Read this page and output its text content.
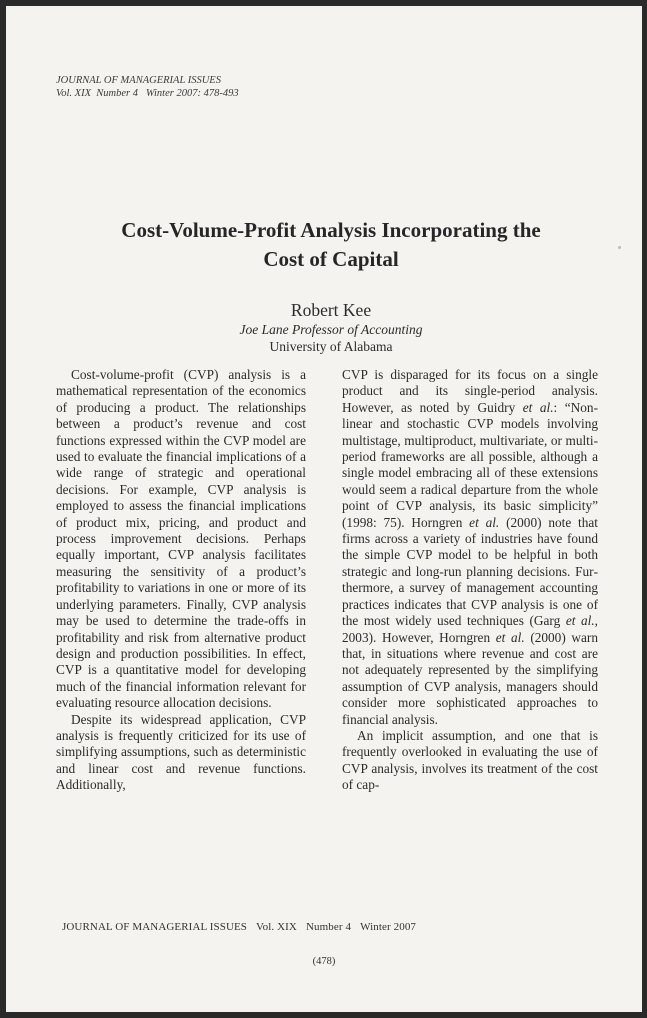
JOURNAL OF MANAGERIAL ISSUES
Vol. XIX Number 4 Winter 2007: 478-493
Cost-Volume-Profit Analysis Incorporating the
Cost of Capital
Robert Kee
Joe Lane Professor of Accounting
University of Alabama

Cost-volume-profit (CVP) analysis is a mathematical representation of the economics of producing a product. The relationships between a product’s revenue and cost functions expressed within the CVP model are used to evaluate the financial implications of a wide range of strategic and operational decisions. For example, CVP analysis is employed to assess the financial implications of product mix, pricing, and product and process improvement decisions. Perhaps equally important, CVP analysis facilitates measuring the sensitivity of a product’s profitability to variations in one or more of its underlying parameters. Finally, CVP analysis may be used to determine the trade-offs in profitability and risk from alternative product design and production possibilities. In effect, CVP is a quantitative model for developing much of the financial information relevant for evaluating resource allocation decisions.

Despite its widespread application, CVP analysis is frequently criticized for its use of simplifying assumptions, such as deterministic and linear cost and revenue functions. Additionally,

CVP is disparaged for its focus on a single product and its single-period analysis. However, as noted by Guidry et al.: “Non-linear and stochastic CVP models involving multistage, multiproduct, multivariate, or multi-period frameworks are all possible, although a single model embracing all of these extensions would seem a radical departure from the whole point of CVP analysis, its basic simplicity” (1998: 75). Horngren et al. (2000) note that firms across a variety of industries have found the simple CVP model to be helpful in both strategic and long-run planning decisions. Furthermore, a survey of management accounting practices indicates that CVP analysis is one of the most widely used techniques (Garg et al., 2003). However, Horngren et al. (2000) warn that, in situations where revenue and cost are not adequately represented by the simplifying assumption of CVP analysis, managers should consider more sophisticated approaches to financial analysis.

An implicit assumption, and one that is frequently overlooked in evaluating the use of CVP analysis, involves its treatment of the cost of cap-

JOURNAL OF MANAGERIAL ISSUES Vol. XIX Number 4 Winter 2007
(478)
